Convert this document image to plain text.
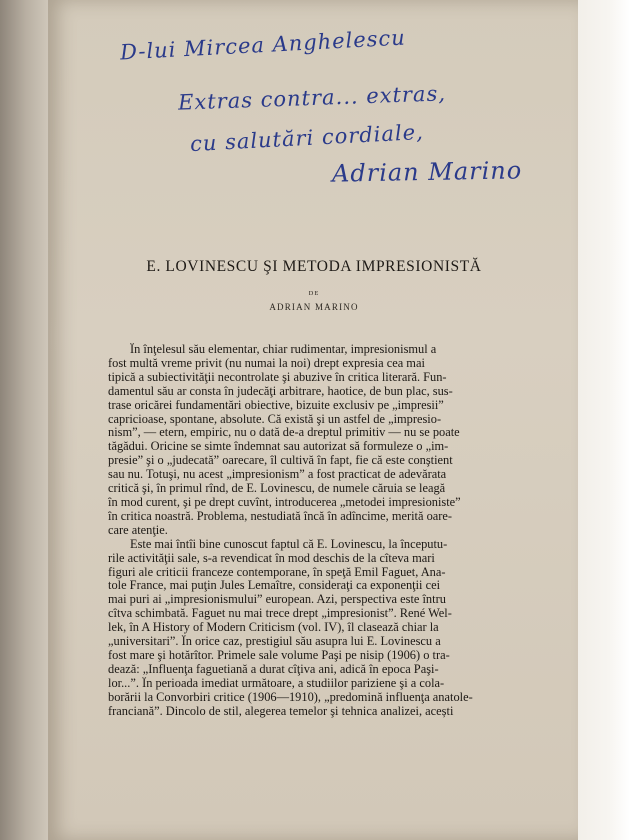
D-lui Mircea Anghelescu
Extras contra... extras,
cu salutări cordiale,
Adrian Marino
E. LOVINESCU ŞI METODA IMPRESIONISTĂ
DE
ADRIAN MARINO
În înţelesul său elementar, chiar rudimentar, impresionismul a
fost multă vreme privit (nu numai la noi) drept expresia cea mai
tipică a subiectivităţii necontrolate şi abuzive în critica literară. Fun-
damentul său ar consta în judecăţi arbitrare, haotice, de bun plac, sus-
trase oricărei fundamentări obiective, bizuite exclusiv pe „impresii”
capricioase, spontane, absolute. Că există şi un astfel de „impresio-
nism”, — etern, empiric, nu o dată de-a dreptul primitiv — nu se poate
tăgădui. Oricine se simte îndemnat sau autorizat să formuleze o „im-
presie” şi o „judecată” oarecare, îl cultivă în fapt, fie că este conştient
sau nu. Totuşi, nu acest „impresionism” a fost practicat de adevărata
critică şi, în primul rînd, de E. Lovinescu, de numele căruia se leagă
în mod curent, şi pe drept cuvînt, introducerea „metodei impresioniste”
în critica noastră. Problema, nestudiată încă în adîncime, merită oare-
care atenţie.
Este mai întîi bine cunoscut faptul că E. Lovinescu, la începutu-
rile activităţii sale, s-a revendicat în mod deschis de la cîteva mari
figuri ale criticii franceze contemporane, în speţă Emil Faguet, Ana-
tole France, mai puţin Jules Lemaître, consideraţi ca exponenţii cei
mai puri ai „impresionismului” european. Azi, perspectiva este întru
cîtva schimbată. Faguet nu mai trece drept „impresionist”. René Wel-
lek, în A History of Modern Criticism (vol. IV), îl clasează chiar la
„universitari”. În orice caz, prestigiul său asupra lui E. Lovinescu a
fost mare şi hotărîtor. Primele sale volume Paşi pe nisip (1906) o tra-
dează: „Influenţa faguetiană a durat cîţiva ani, adică în epoca Paşi-
lor...”. În perioada imediat următoare, a studiilor pariziene şi a cola-
borării la Convorbiri critice (1906—1910), „predomină influenţa anatole-
franciană”. Dincolo de stil, alegerea temelor şi tehnica analizei, acești
